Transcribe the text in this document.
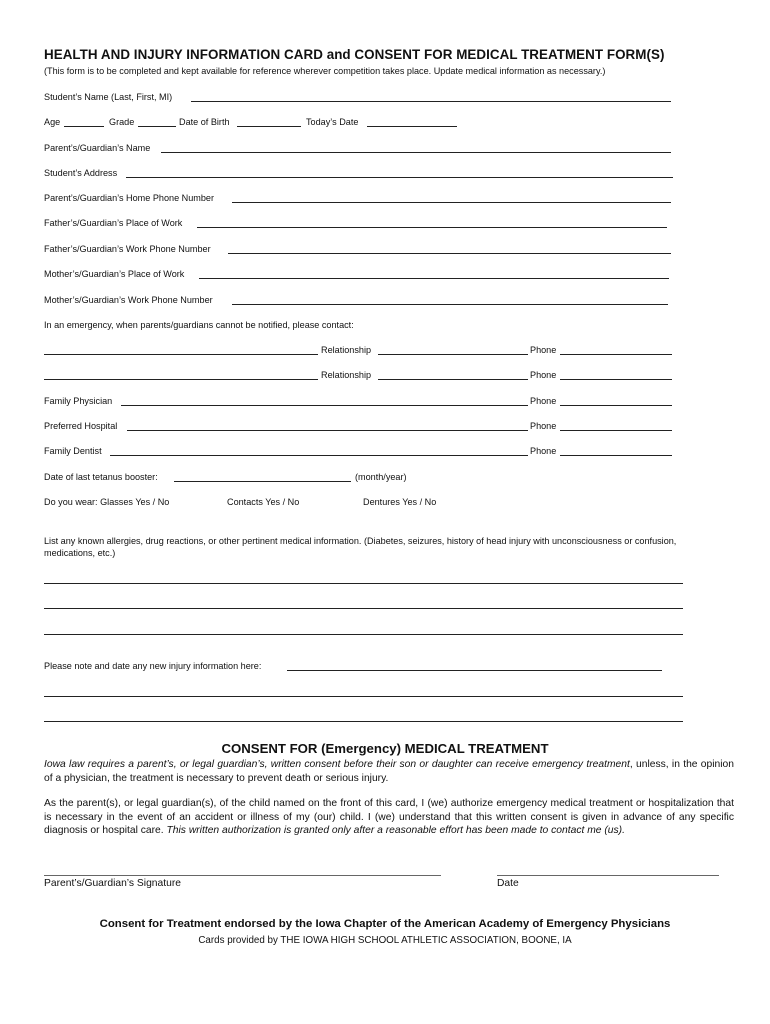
HEALTH AND INJURY INFORMATION CARD and CONSENT FOR MEDICAL TREATMENT FORM(S)
(This form is to be completed and kept available for reference wherever competition takes place. Update medical information as necessary.)
Student’s Name (Last, First, MI)
Age	Grade	Date of Birth	Today’s Date
Parent’s/Guardian’s Name
Student’s Address
Parent’s/Guardian’s Home Phone Number
Father’s/Guardian’s Place of Work
Father’s/Guardian’s Work Phone Number
Mother’s/Guardian’s Place of Work
Mother’s/Guardian’s Work Phone Number
In an emergency, when parents/guardians cannot be notified, please contact:
Relationship	Phone
Relationship	Phone
Family Physician	Phone
Preferred Hospital	Phone
Family Dentist	Phone
Date of last tetanus booster:	(month/year)
Do you wear: Glasses Yes / No	Contacts Yes / No	Dentures Yes / No
List any known allergies, drug reactions, or other pertinent medical information. (Diabetes, seizures, history of head injury with unconsciousness or confusion, medications, etc.)
Please note and date any new injury information here:
CONSENT FOR (Emergency) MEDICAL TREATMENT
Iowa law requires a parent’s, or legal guardian’s, written consent before their son or daughter can receive emergency treatment, unless, in the opinion of a physician, the treatment is necessary to prevent death or serious injury.
As the parent(s), or legal guardian(s), of the child named on the front of this card, I (we) authorize emergency medical treatment or hospitalization that is necessary in the event of an accident or illness of my (our) child. I (we) understand that this written consent is given in advance of any specific diagnosis or hospital care. This written authorization is granted only after a reasonable effort has been made to contact me (us).
Parent’s/Guardian’s Signature	Date
Consent for Treatment endorsed by the Iowa Chapter of the American Academy of Emergency Physicians
Cards provided by THE IOWA HIGH SCHOOL ATHLETIC ASSOCIATION, BOONE, IA
